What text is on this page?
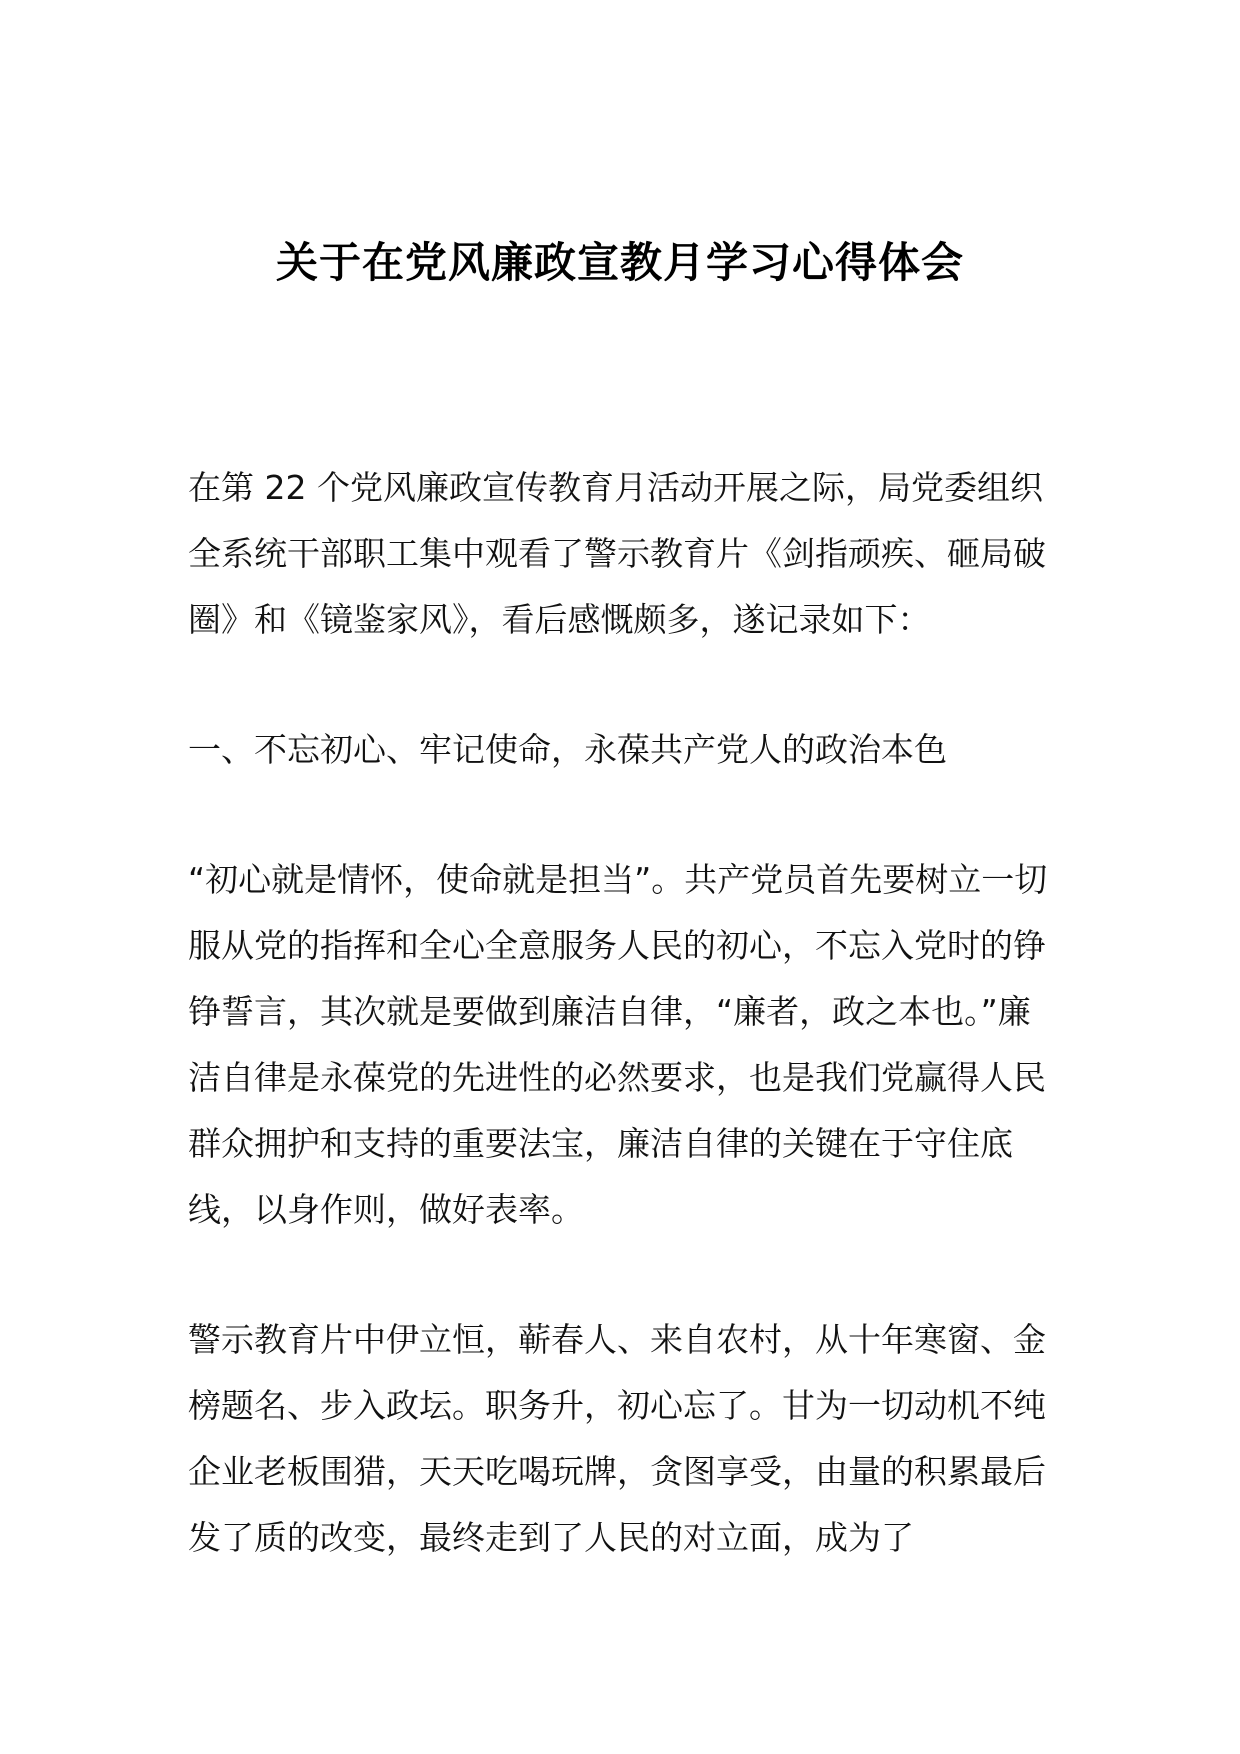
关于在党风廉政宣教月学习心得体会

在第 22 个党风廉政宣传教育月活动开展之际，局党委组织全系统干部职工集中观看了警示教育片《剑指顽疾、砸局破圈》和《镜鉴家风》，看后感慨颇多，遂记录如下：

一、不忘初心、牢记使命，永葆共产党人的政治本色

“初心就是情怀，使命就是担当”。共产党员首先要树立一切服从党的指挥和全心全意服务人民的初心，不忘入党时的铮铮誓言，其次就是要做到廉洁自律，“廉者，政之本也。”廉洁自律是永葆党的先进性的必然要求，也是我们党赢得人民群众拥护和支持的重要法宝，廉洁自律的关键在于守住底线，以身作则，做好表率。

警示教育片中伊立恒，蕲春人、来自农村，从十年寒窗、金榜题名、步入政坛。职务升，初心忘了。甘为一切动机不纯企业老板围猎，天天吃喝玩牌，贪图享受，由量的积累最后发了质的改变，最终走到了人民的对立面，成为了
